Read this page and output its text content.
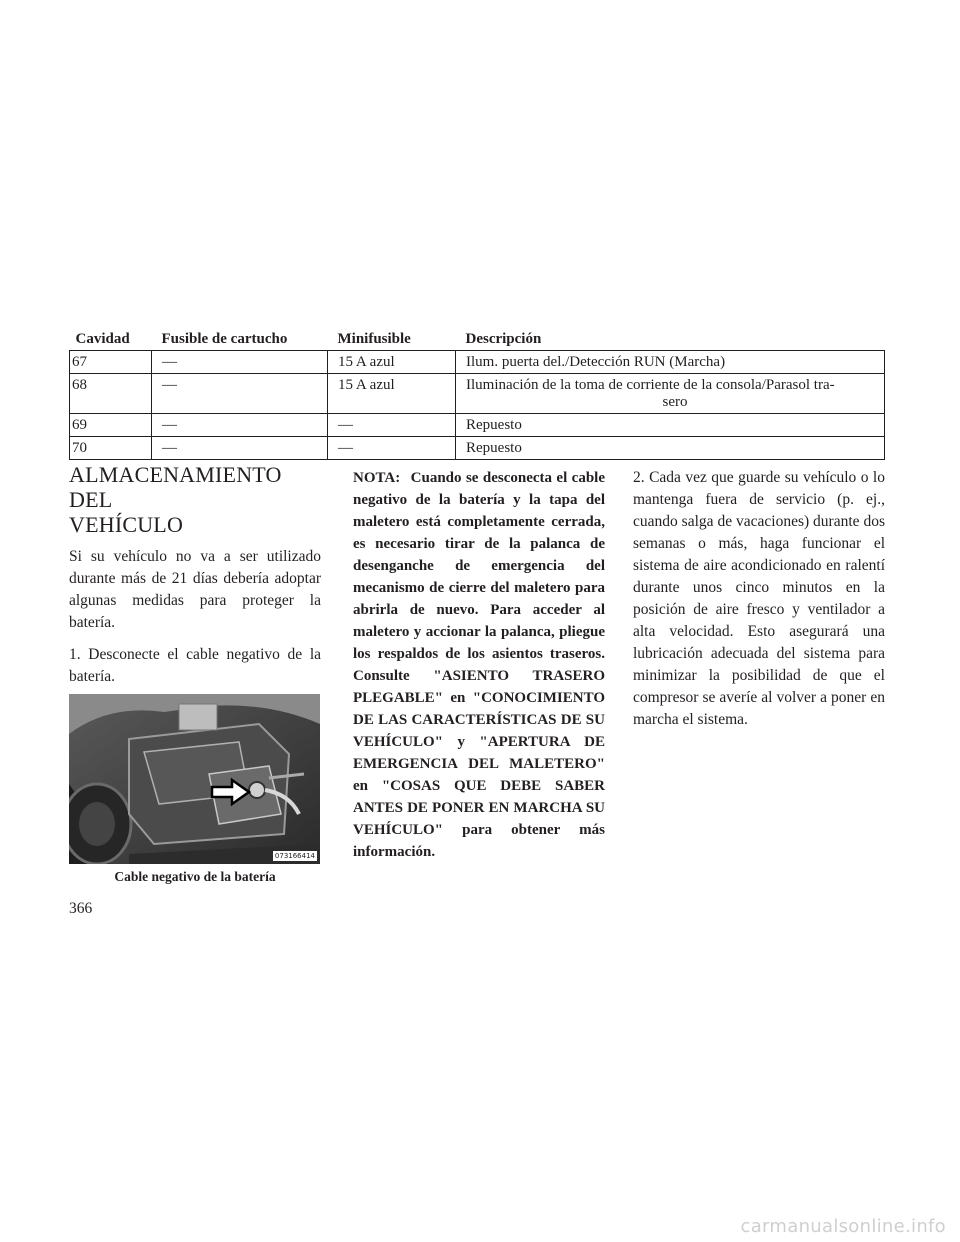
Cavidad	Fusible de cartucho	Minifusible	Descripción
67	—	15 A azul	Ilum. puerta del./Detección RUN (Marcha)
68	—	15 A azul	Iluminación de la toma de corriente de la consola/Parasol tra-
sero

69	—	—	Repuesto
70	—	—	Repuesto
ALMACENAMIENTO DEL
VEHÍCULO

Si su vehículo no va a ser utilizado durante más de 21 días debería adoptar algunas medidas para proteger la batería.

1. Desconecte el cable negativo de la batería.

073166414
Cable negativo de la batería
NOTA: Cuando se desconecta el cable negativo de la batería y la tapa del maletero está completamente cerrada, es necesario tirar de la palanca de desenganche de emergencia del mecanismo de cierre del maletero para abrirla de nuevo. Para acceder al maletero y accionar la palanca, pliegue los respaldos de los asientos traseros. Consulte "ASIENTO TRASERO PLEGABLE" en "CONOCIMIENTO DE LAS CARACTERÍSTICAS DE SU VEHÍCULO" y "APERTURA DE EMERGENCIA DEL MALETERO" en "COSAS QUE DEBE SABER ANTES DE PONER EN MARCHA SU VEHÍCULO" para obtener más información.

2. Cada vez que guarde su vehículo o lo mantenga fuera de servicio (p. ej., cuando salga de vacaciones) durante dos semanas o más, haga funcionar el sistema de aire acondicionado en ralentí durante unos cinco minutos en la posición de aire fresco y ventilador a alta velocidad. Esto asegurará una lubricación adecuada del sistema para minimizar la posibilidad de que el compresor se averíe al volver a poner en marcha el sistema.

366
carmanualsonline.info
